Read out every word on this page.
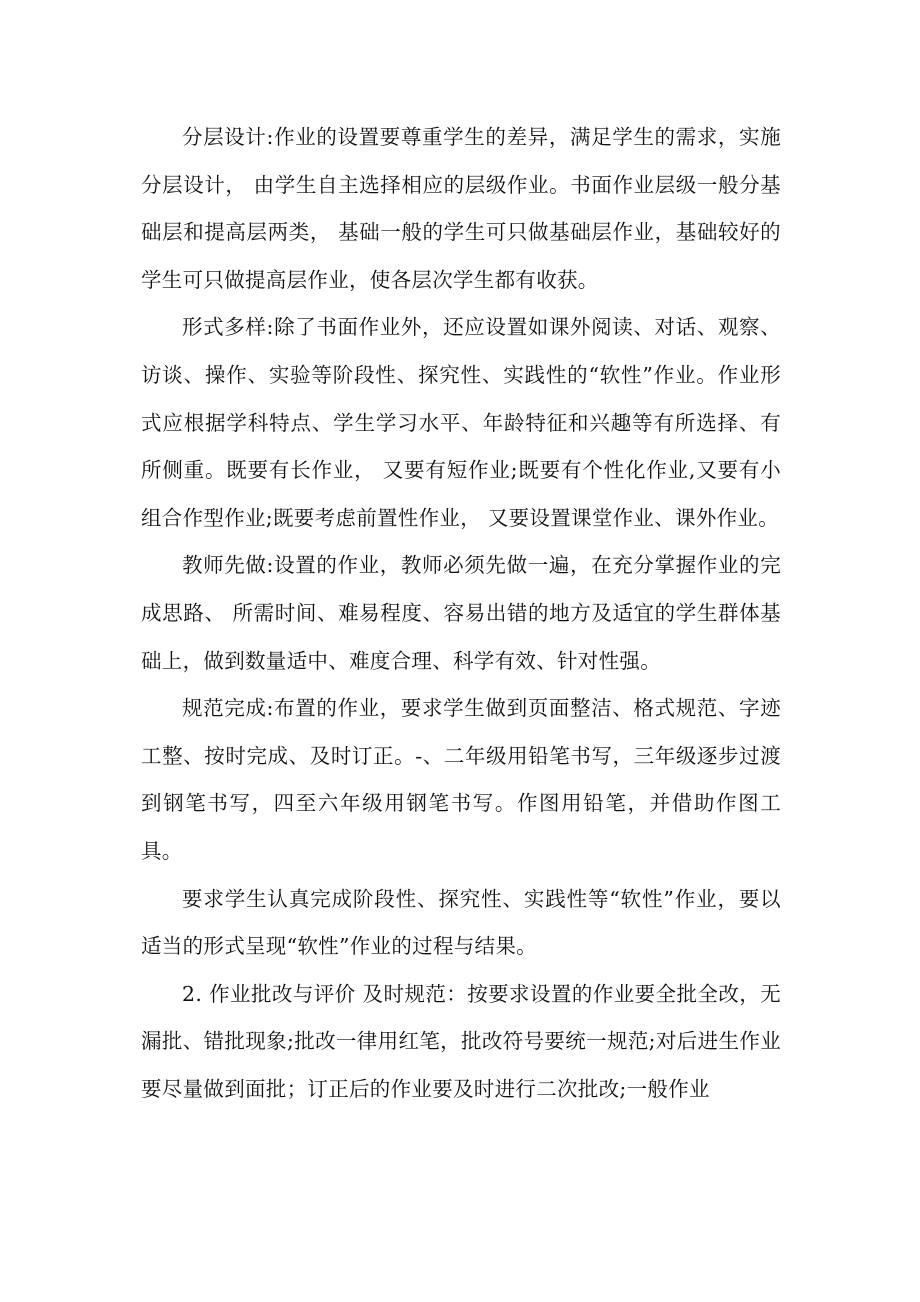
分层设计:作业的设置要尊重学生的差异，满足学生的需求，实施分层设计， 由学生自主选择相应的层级作业。书面作业层级一般分基础层和提高层两类， 基础一般的学生可只做基础层作业，基础较好的学生可只做提高层作业，使各层次学生都有收获。

形式多样:除了书面作业外，还应设置如课外阅读、对话、观察、访谈、操作、实验等阶段性、探究性、实践性的“软性”作业。作业形式应根据学科特点、学生学习水平、年龄特征和兴趣等有所选择、有所侧重。既要有长作业， 又要有短作业;既要有个性化作业,又要有小组合作型作业;既要考虑前置性作业， 又要设置课堂作业、课外作业。

教师先做:设置的作业，教师必须先做一遍，在充分掌握作业的完成思路、 所需时间、难易程度、容易出错的地方及适宜的学生群体基础上，做到数量适中、难度合理、科学有效、针对性强。

规范完成:布置的作业，要求学生做到页面整洁、格式规范、字迹工整、按时完成、及时订正。-、二年级用铅笔书写，三年级逐步过渡到钢笔书写，四至六年级用钢笔书写。作图用铅笔，并借助作图工具。

要求学生认真完成阶段性、探究性、实践性等“软性”作业，要以适当的形式呈现“软性”作业的过程与结果。

2. 作业批改与评价 及时规范：按要求设置的作业要全批全改，无漏批、错批现象;批改一律用红笔，批改符号要统一规范;对后进生作业要尽量做到面批；订正后的作业要及时进行二次批改;一般作业
